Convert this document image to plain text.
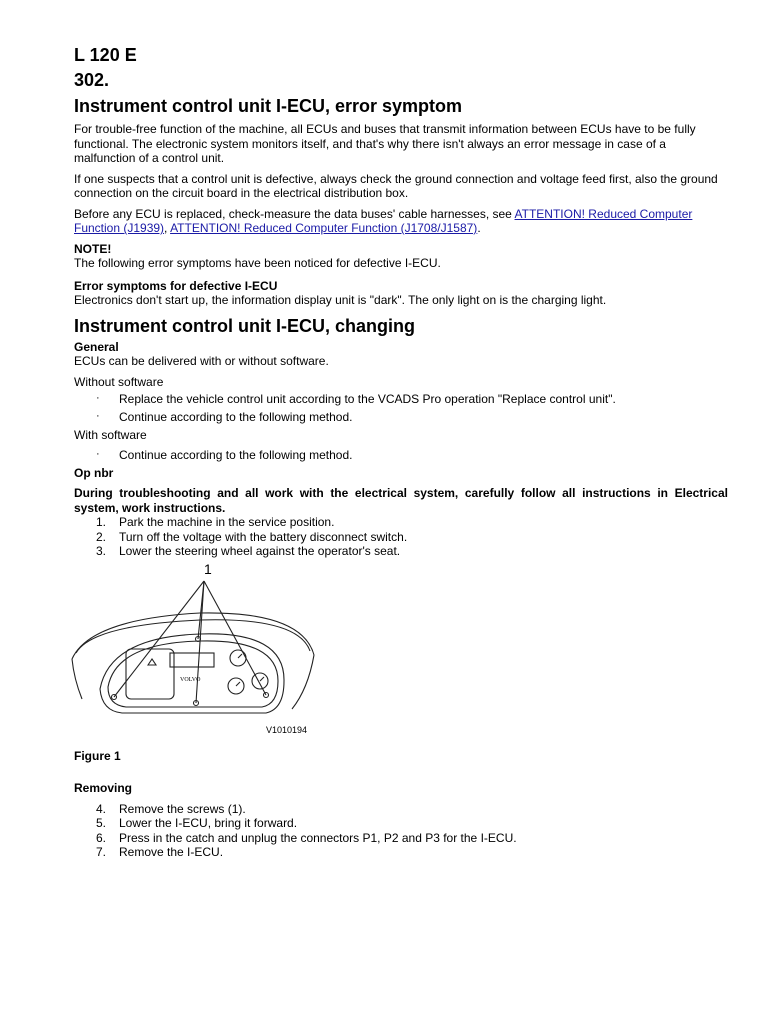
L 120 E
302.
Instrument control unit I-ECU, error symptom

For trouble-free function of the machine, all ECUs and buses that transmit information between ECUs have to be fully functional. The electronic system monitors itself, and that's why there isn't always an error message in case of a malfunction of a control unit.

If one suspects that a control unit is defective, always check the ground connection and voltage feed first, also the ground connection on the circuit board in the electrical distribution box.

Before any ECU is replaced, check-measure the data buses' cable harnesses, see ATTENTION! Reduced Computer Function (J1939), ATTENTION! Reduced Computer Function (J1708/J1587).

NOTE!

The following error symptoms have been noticed for defective I-ECU.

Error symptoms for defective I-ECU

Electronics don't start up, the information display unit is "dark". The only light on is the charging light.

Instrument control unit I-ECU, changing

General

ECUs can be delivered with or without software.

Without software

· Replace the vehicle control unit according to the VCADS Pro operation "Replace control unit".
· Continue according to the following method.

With software

· Continue according to the following method.

Op nbr

During troubleshooting and all work with the electrical system, carefully follow all instructions in Electrical system, work instructions.

1. Park the machine in the service position.
2. Turn off the voltage with the battery disconnect switch.
3. Lower the steering wheel against the operator's seat.
1
VOLVO
V1010194

Figure 1

Removing

4. Remove the screws (1).
5. Lower the I-ECU, bring it forward.
6. Press in the catch and unplug the connectors P1, P2 and P3 for the I-ECU.
7. Remove the I-ECU.
